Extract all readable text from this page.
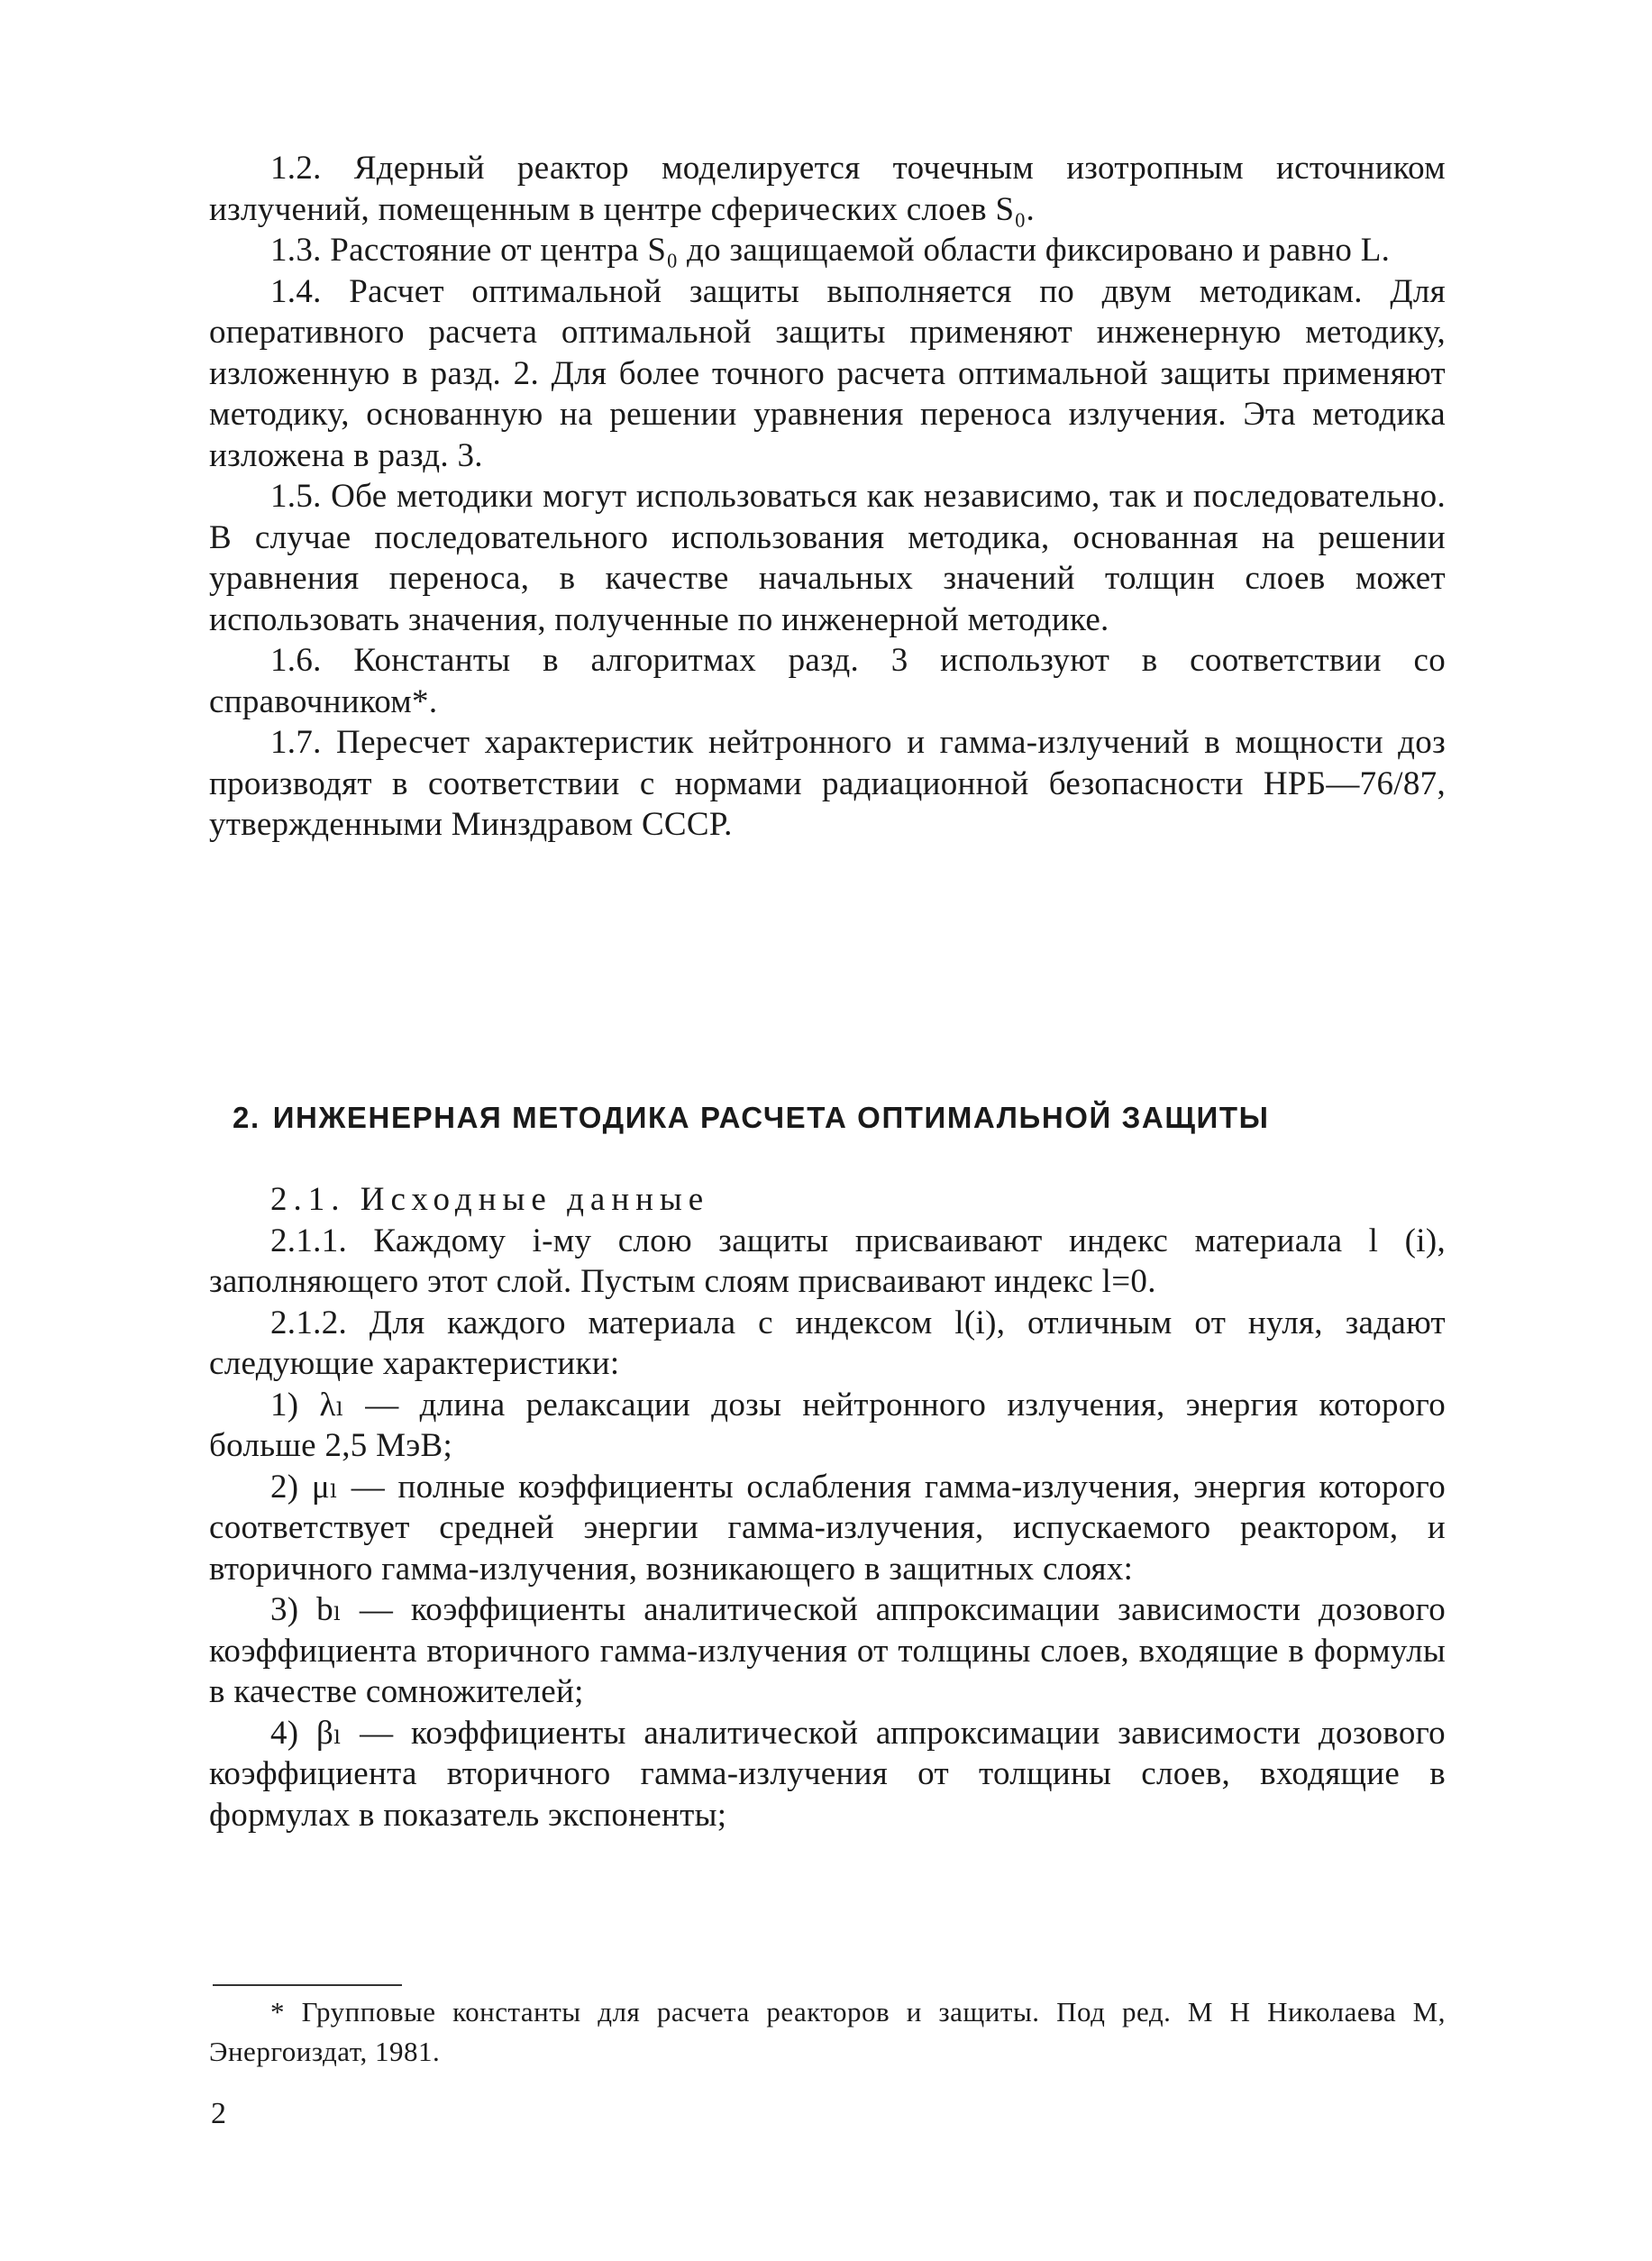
1.2. Ядерный реактор моделируется точечным изотропным источником излучений, помещенным в центре сферических слоев S₀.

1.3. Расстояние от центра S₀ до защищаемой области фиксировано и равно L.

1.4. Расчет оптимальной защиты выполняется по двум методикам. Для оперативного расчета оптимальной защиты применяют инженерную методику, изложенную в разд. 2. Для более точного расчета оптимальной защиты применяют методику, основанную на решении уравнения переноса излучения. Эта методика изложена в разд. 3.

1.5. Обе методики могут использоваться как независимо, так и последовательно. В случае последовательного использования методика, основанная на решении уравнения переноса, в качестве начальных значений толщин слоев может использовать значения, полученные по инженерной методике.

1.6. Константы в алгоритмах разд. 3 используют в соответствии со справочником*.

1.7. Пересчет характеристик нейтронного и гамма-излучений в мощности доз производят в соответствии с нормами радиационной безопасности НРБ—76/87, утвержденными Минздравом СССР.

2. ИНЖЕНЕРНАЯ МЕТОДИКА РАСЧЕТА ОПТИМАЛЬНОЙ ЗАЩИТЫ

2.1. Исходные данные

2.1.1. Каждому i-му слою защиты присваивают индекс материала l (i), заполняющего этот слой. Пустым слоям присваивают индекс l=0.

2.1.2. Для каждого материала с индексом l(i), отличным от нуля, задают следующие характеристики:

1) λₗ — длина релаксации дозы нейтронного излучения, энергия которого больше 2,5 МэВ;

2) μₗ — полные коэффициенты ослабления гамма-излучения, энергия которого соответствует средней энергии гамма-излучения, испускаемого реактором, и вторичного гамма-излучения, возникающего в защитных слоях:

3) bₗ — коэффициенты аналитической аппроксимации зависимости дозового коэффициента вторичного гамма-излучения от толщины слоев, входящие в формулы в качестве сомножителей;

4) βₗ — коэффициенты аналитической аппроксимации зависимости дозового коэффициента вторичного гамма-излучения от толщины слоев, входящие в формулах в показатель экспоненты;

* Групповые константы для расчета реакторов и защиты. Под ред. М Н Николаева М, Энергоиздат, 1981.

2
